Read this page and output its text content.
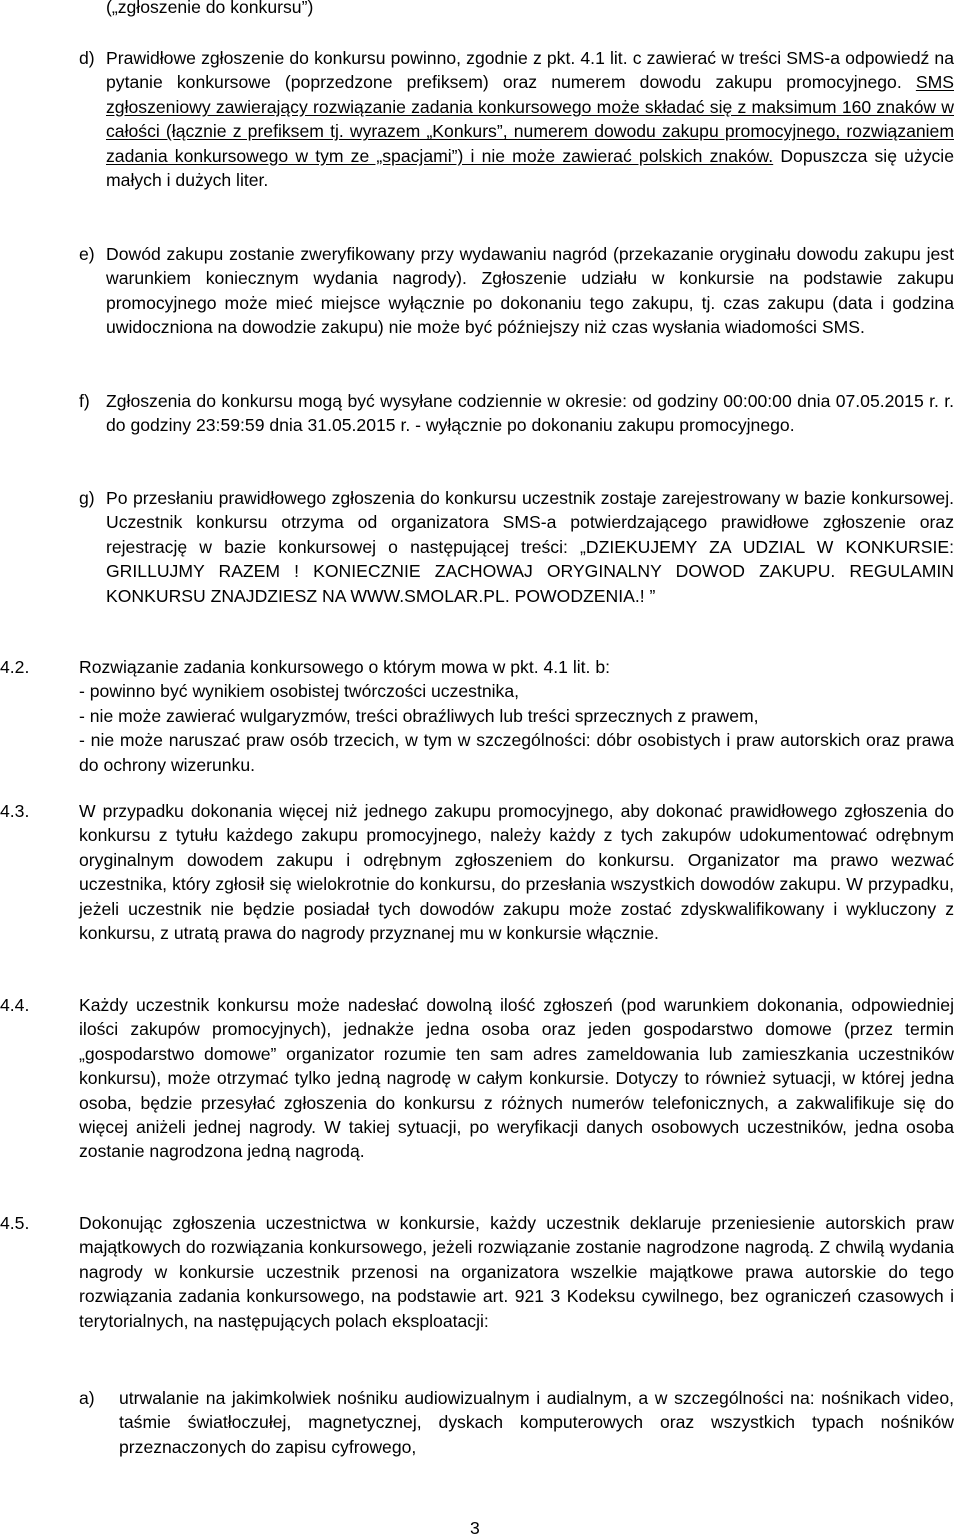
(„zgłoszenie do konkursu”)
d) Prawidłowe zgłoszenie do konkursu powinno, zgodnie z pkt. 4.1 lit. c zawierać w treści SMS-a odpowiedź na pytanie konkursowe (poprzedzone prefiksem) oraz numerem dowodu zakupu promocyjnego. SMS zgłoszeniowy zawierający rozwiązanie zadania konkursowego może składać się z maksimum 160 znaków w całości (łącznie z prefiksem tj. wyrazem „Konkurs”, numerem dowodu zakupu promocyjnego, rozwiązaniem zadania konkursowego w tym ze „spacjami”) i nie może zawierać polskich znaków. Dopuszcza się użycie małych i dużych liter.
e) Dowód zakupu zostanie zweryfikowany przy wydawaniu nagród (przekazanie oryginału dowodu zakupu jest warunkiem koniecznym wydania nagrody). Zgłoszenie udziału w konkursie na podstawie zakupu promocyjnego może mieć miejsce wyłącznie po dokonaniu tego zakupu, tj. czas zakupu (data i godzina uwidoczniona na dowodzie zakupu) nie może być późniejszy niż czas wysłania wiadomości SMS.
f) Zgłoszenia do konkursu mogą być wysyłane codziennie w okresie: od godziny 00:00:00 dnia 07.05.2015 r. r. do godziny 23:59:59 dnia 31.05.2015 r. - wyłącznie po dokonaniu zakupu promocyjnego.
g) Po przesłaniu prawidłowego zgłoszenia do konkursu uczestnik zostaje zarejestrowany w bazie konkursowej. Uczestnik konkursu otrzyma od organizatora SMS-a potwierdzającego prawidłowe zgłoszenie oraz rejestrację w bazie konkursowej o następującej treści: „DZIEKUJEMY ZA UDZIAL W KONKURSIE: GRILLUJMY RAZEM ! KONIECZNIE ZACHOWAJ ORYGINALNY DOWOD ZAKUPU. REGULAMIN KONKURSU ZNAJDZIESZ NA WWW.SMOLAR.PL. POWODZENIA.! ”
4.2.	Rozwiązanie zadania konkursowego o którym mowa w pkt. 4.1 lit. b:
- powinno być wynikiem osobistej twórczości uczestnika,
- nie może zawierać wulgaryzmów, treści obraźliwych lub treści sprzecznych z prawem,
- nie może naruszać praw osób trzecich, w tym w szczególności: dóbr osobistych i praw autorskich oraz prawa do ochrony wizerunku.
4.3.	W przypadku dokonania więcej niż jednego zakupu promocyjnego, aby dokonać prawidłowego zgłoszenia do konkursu z tytułu każdego zakupu promocyjnego, należy każdy z tych zakupów udokumentować odrębnym oryginalnym dowodem zakupu i odrębnym zgłoszeniem do konkursu. Organizator ma prawo wezwać uczestnika, który zgłosił się wielokrotnie do konkursu, do przesłania wszystkich dowodów zakupu. W przypadku, jeżeli uczestnik nie będzie posiadał tych dowodów zakupu może zostać zdyskwalifikowany i wykluczony z konkursu, z utratą prawa do nagrody przyznanej mu w konkursie włącznie.
4.4.	Każdy uczestnik konkursu może nadesłać dowolną ilość zgłoszeń (pod warunkiem dokonania, odpowiedniej ilości zakupów promocyjnych), jednakże jedna osoba oraz jeden gospodarstwo domowe (przez termin „gospodarstwo domowe” organizator rozumie ten sam adres zameldowania lub zamieszkania uczestników konkursu), może otrzymać tylko jedną nagrodę w całym konkursie. Dotyczy to również sytuacji, w której jedna osoba, będzie przesyłać zgłoszenia do konkursu z różnych numerów telefonicznych, a zakwalifikuje się do więcej aniżeli jednej nagrody. W takiej sytuacji, po weryfikacji danych osobowych uczestników, jedna osoba zostanie nagrodzona jedną nagrodą.
4.5.	Dokonując zgłoszenia uczestnictwa w konkursie, każdy uczestnik deklaruje przeniesienie autorskich praw majątkowych do rozwiązania konkursowego, jeżeli rozwiązanie zostanie nagrodzone nagrodą. Z chwilą wydania nagrody w konkursie uczestnik przenosi na organizatora wszelkie majątkowe prawa autorskie do tego rozwiązania zadania konkursowego, na podstawie art. 921 3 Kodeksu cywilnego, bez ograniczeń czasowych i terytorialnych, na następujących polach eksploatacji:
a) utrwalanie na jakimkolwiek nośniku audiowizualnym i audialnym, a w szczególności na: nośnikach video, taśmie światłoczułej, magnetycznej, dyskach komputerowych oraz wszystkich typach nośników przeznaczonych do zapisu cyfrowego,
3
